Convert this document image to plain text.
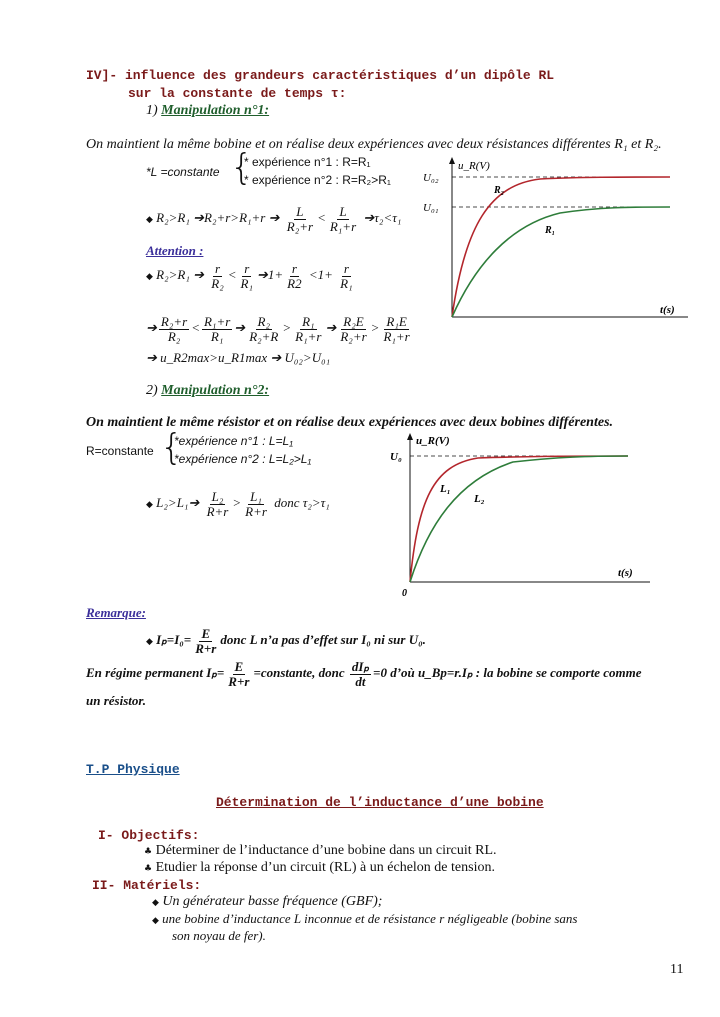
IV]- influence des grandeurs caractéristiques d’un dipôle RL
sur la constante de temps τ:
1) Manipulation n°1:
On maintient la même bobine et on réalise deux expériences avec deux résistances différentes R₁ et R₂.
*L =constante {
* expérience n°1 : R=R₁
* expérience n°2 : R=R₂>R₁
◆ R₂>R₁ ➔R₂+r>R₁+r ➔ $\frac{L}{\text{R₂+r}} < \frac{L}{\text{R₁+r}}$ ➔τ₂<τ₁
Attention :
◆ R₂>R₁ ➔ $\frac{r}{\text{R₂}} < \frac{r}{\text{R₁}}$ ➔1+ $\frac{r}{R2} <1+ \frac{r}{\text{R₁}}$
➔ $\frac{\text{R₂+r}}{\text{R₂}} < \frac{\text{R₁+r}}{\text{R₁}}$ ➔ $\frac{\text{R₂}}{\text{R₂+R}} > \frac{\text{R₁}}{\text{R₁+r}}$ ➔ $\frac{\text{R₂E}}{\text{R₂+r}} > \frac{\text{R₁E}}{\text{R₁+r}}$
➔ u_R2max>u_R1max ➔ U₀₂>U₀₁
2) Manipulation n°2:
On maintient le même résistor et on réalise deux expériences avec deux bobines différentes.
R=constante {
*expérience n°1 : L=L₁
*expérience n°2 : L=L₂>L₁
◆ L₂>L₁➔ $\frac{\text{L₂}}{R+r} > \frac{\text{L₁}}{R+r}$ donc τ₂>τ₁
Remarque:
◆ $I_p=I_0= \frac{E}{R+r}$ donc L n’a pas d’effet sur I₀ ni sur U₀.
En régime permanent $I_p= \frac{E}{R+r}$ =constante, donc $\frac{\text{dIₚ}}{dt} =0$ d’où u_Bp=r.Iₚ : la bobine se comporte comme
un résistor.
u_R(V)
U₀₂
U₀₁
R₂
R₁
t(s)
u_R(V)
U₀
0
L₁
L₂
t(s)
T.P Physique
Détermination de l’inductance d’une bobine
I- Objectifs:
♣ Déterminer de l’inductance d’une bobine dans un circuit RL.
♣ Etudier la réponse d’un circuit (RL) à un échelon de tension.
II- Matériels:
◆ Un générateur basse fréquence (GBF);
◆ une bobine d’inductance L inconnue et de résistance r négligeable (bobine sans
son noyau de fer).
11
